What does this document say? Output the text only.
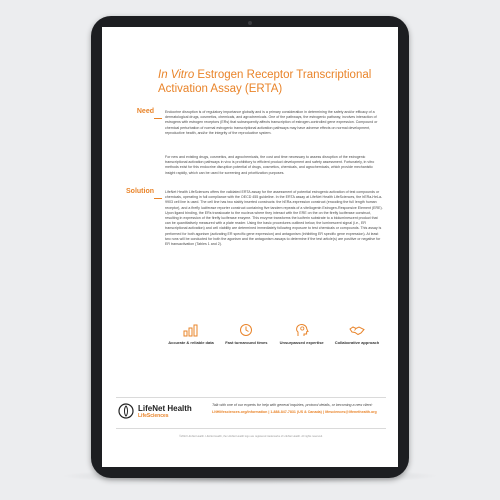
In Vitro Estrogen Receptor Transcriptional Activation Assay (ERTA)
Need	Endocrine disruption is of regulatory importance globally and is a primary consideration in determining the safety and/or efficacy of a dermatological drugs, cosmetics, chemicals, and agrochemicals. One of the pathways, the estrogenic pathway, involves interaction of estrogens with estrogen receptors (ERs) that subsequently affects transcription of estrogen-controlled gene expression. Compound or chemical perturbation of normal estrogenic transcriptional activation pathways may have adverse effects on normal development, reproductive health, and/or the integrity of the reproductive system.

For new and existing drugs, cosmetics, and agrochemicals, the cost and time necessary to assess disruption of the estrogenic transcriptional activation pathways in vivo is prohibitory to efficient product development and safety assessment. Fortunately, in vitro methods exist for this endocrine disruption potential of drugs, cosmetics, chemicals, and agrochemicals, which provide mechanistic insight rapidly, which can be used for screening and prioritization purposes.

Solution	LifeNet Health LifeSciences offers the validated ERTA assay for the assessment of potential estrogenic activation of test compounds or chemicals, operating in full compliance with the OECD 455 guideline. In the ERTA assay at LifeNet Health LifeSciences, the hERa-HeLa-9903 cell line is used. The cell line has two stably inserted constructs: the hERa-expression construct (encoding the full length human receptor), and a firefly luciferase reporter construct containing five tandem repeats of a vitellogenin Estrogen-Responsive Element (ERE). Upon ligand binding, the ERs translocate to the nucleus where they interact with the ERE on the on the firefly luciferase construct, resulting in expression of the firefly luciferase enzyme. This enzyme transforms the luciferin substrate to a bioluminescent product that can be quantitatively measured with a plate reader. Using the basic procedures outlined below, the luminescent signal (i.e., ER transcriptional activation) and cell viability are determined immediately following exposure to test chemicals or compounds. This assay is performed for both agonism (activating ER specific gene expression) and antagonism (inhibiting ER specific gene expression). At least two runs will be conducted for both the agonism and the antagonism assays to determine if the test article(s) are positive or negative for ER transactivation (Tables 1 and 2).

Accurate & reliable data	Fast turnaround times	Unsurpassed expertise	Collaborative approach
LifeNet Health
LifeSciences

Talk with one of our experts for help with general inquiries, protocol details, or becoming a new client:

LNHlifesciences.org/information | 1-888-847-7831 (US & Canada) | lifesciences@lifenethealth.org

©2022 LifeNet Health. LifeNet Health, the LifeNet Health logo are registered trademarks of LifeNet Health. All rights reserved.
